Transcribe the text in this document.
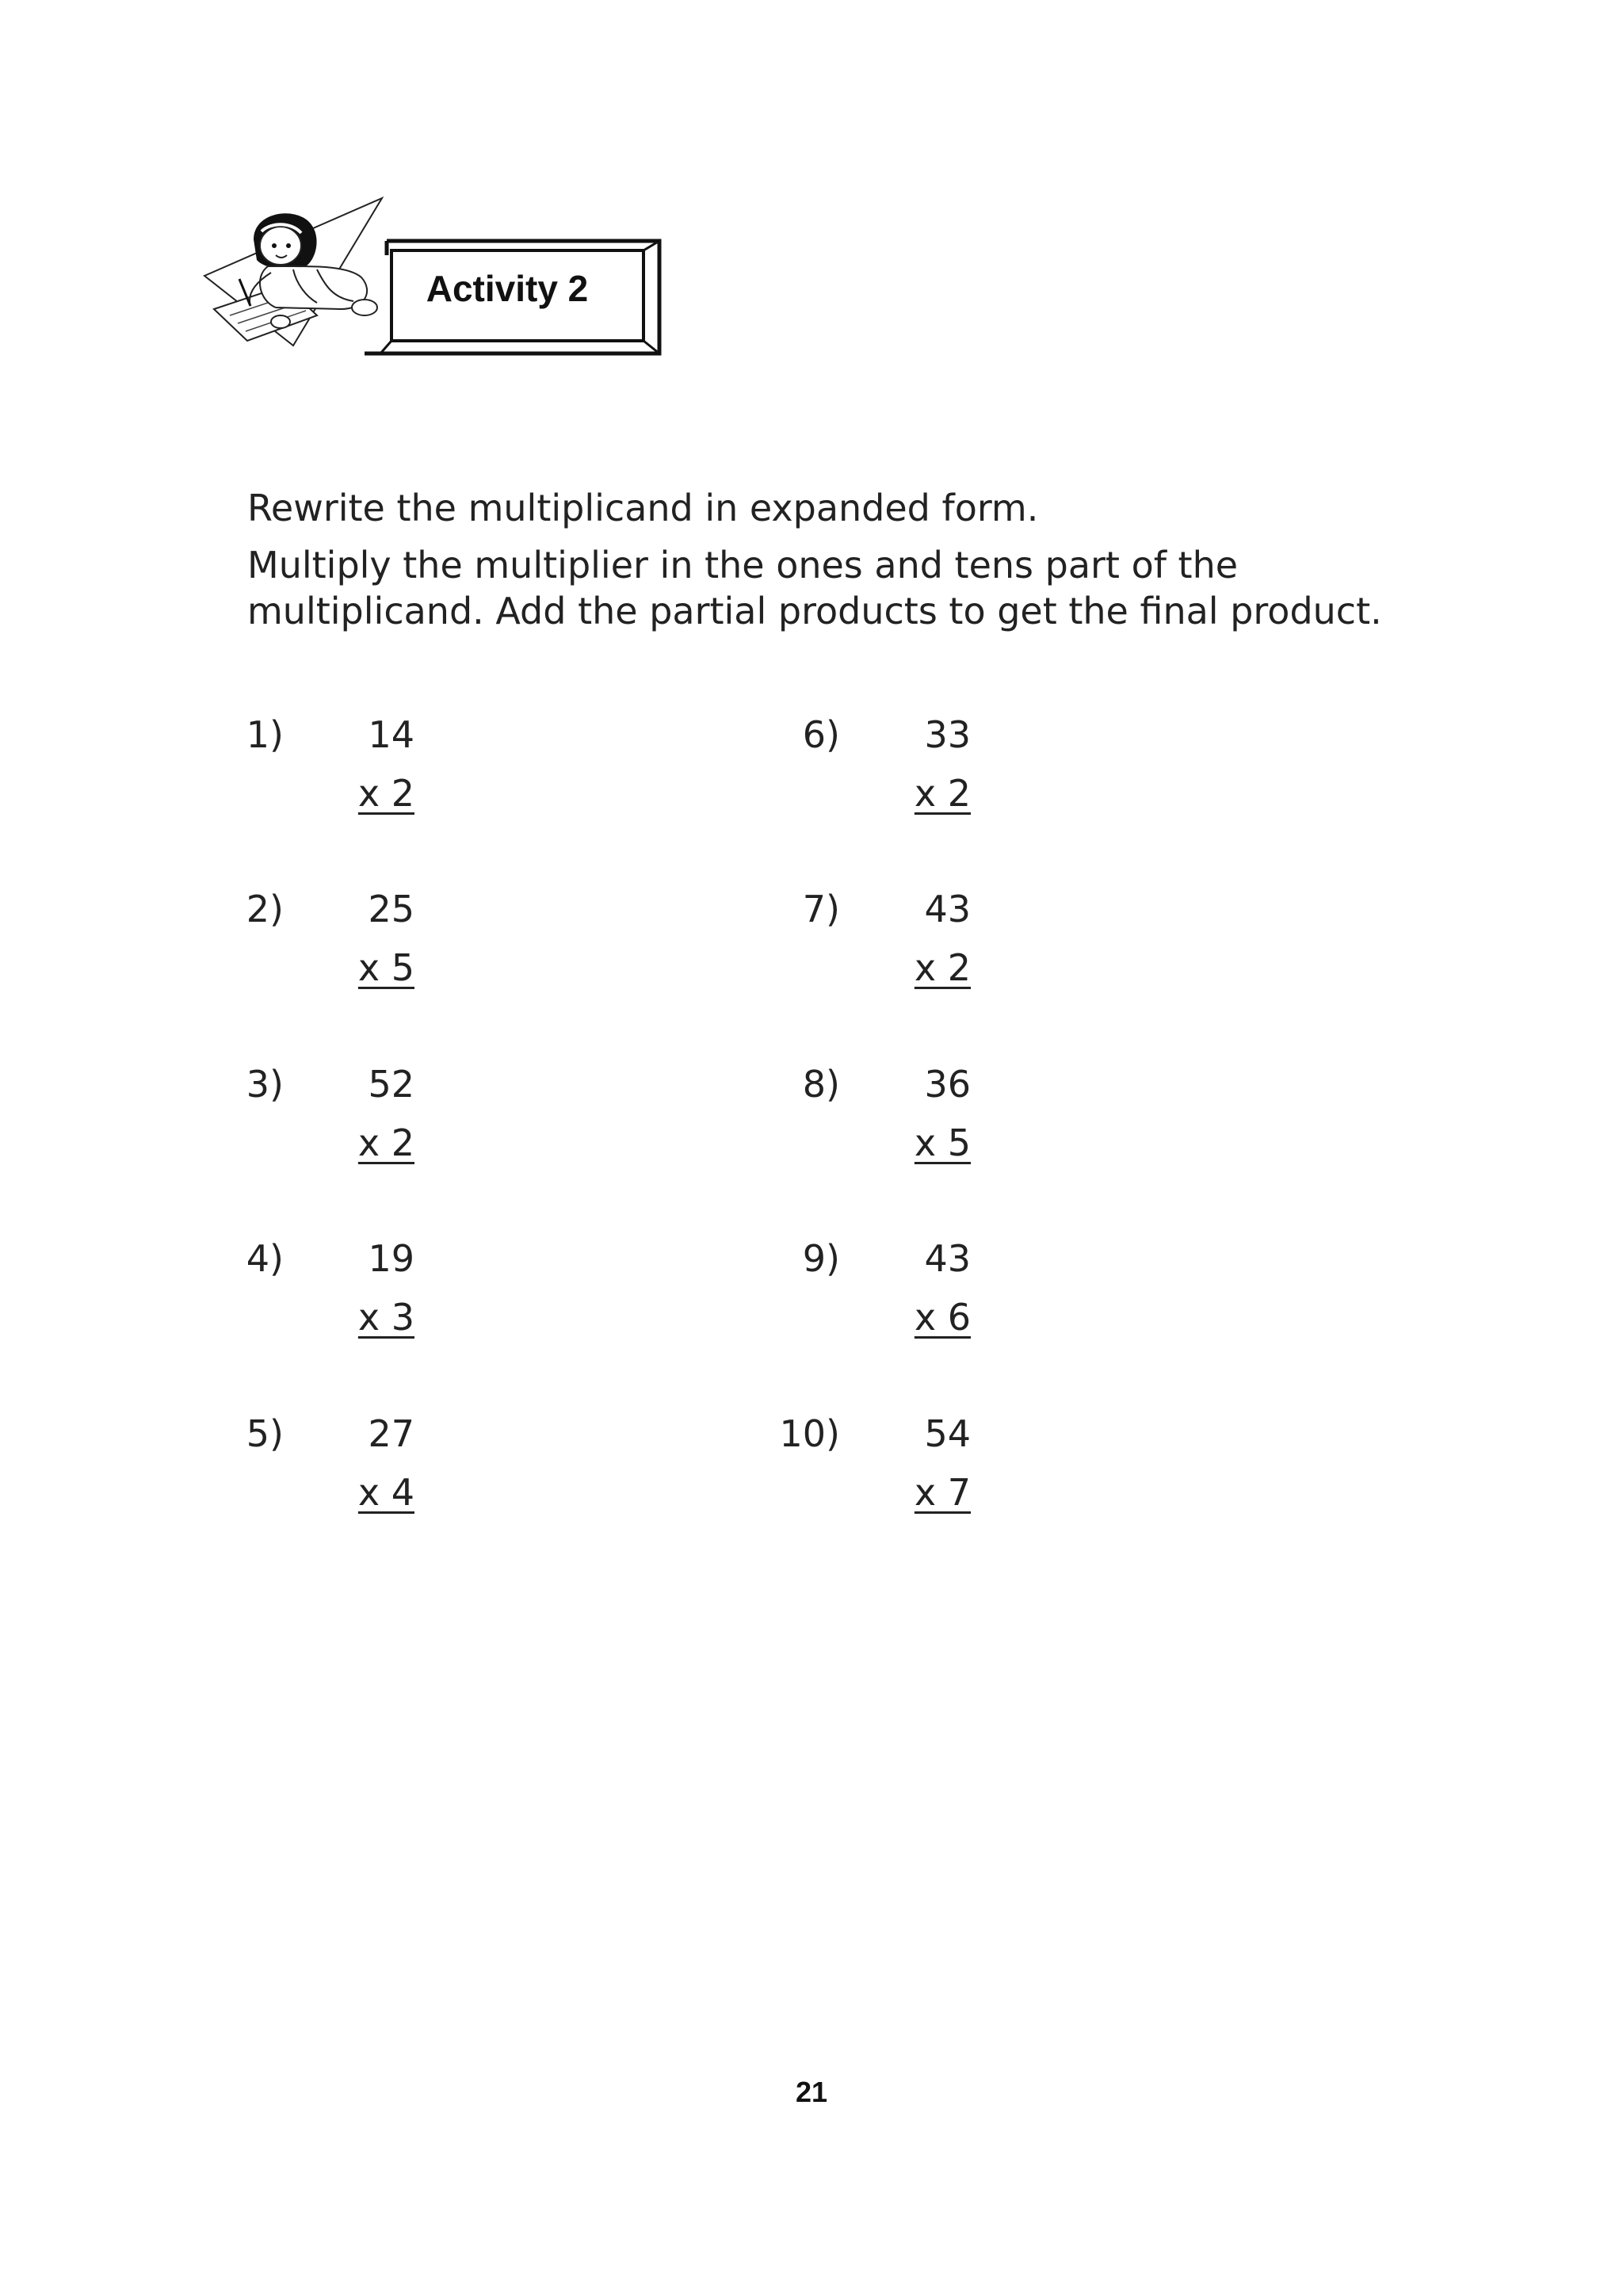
Activity 2

Rewrite the multiplicand in expanded form.

Multiply the multiplier in the ones and tens part of the

multiplicand. Add the partial products to get the final product.

1)	14
x 2
2)	25
x 5
3)	52
x 2
4)	19
x 3
5)	27
x 4
6)	33
x 2
7)	43
x 2
8)	36
x 5
9)	43
x 6
10)	54
x 7
21
